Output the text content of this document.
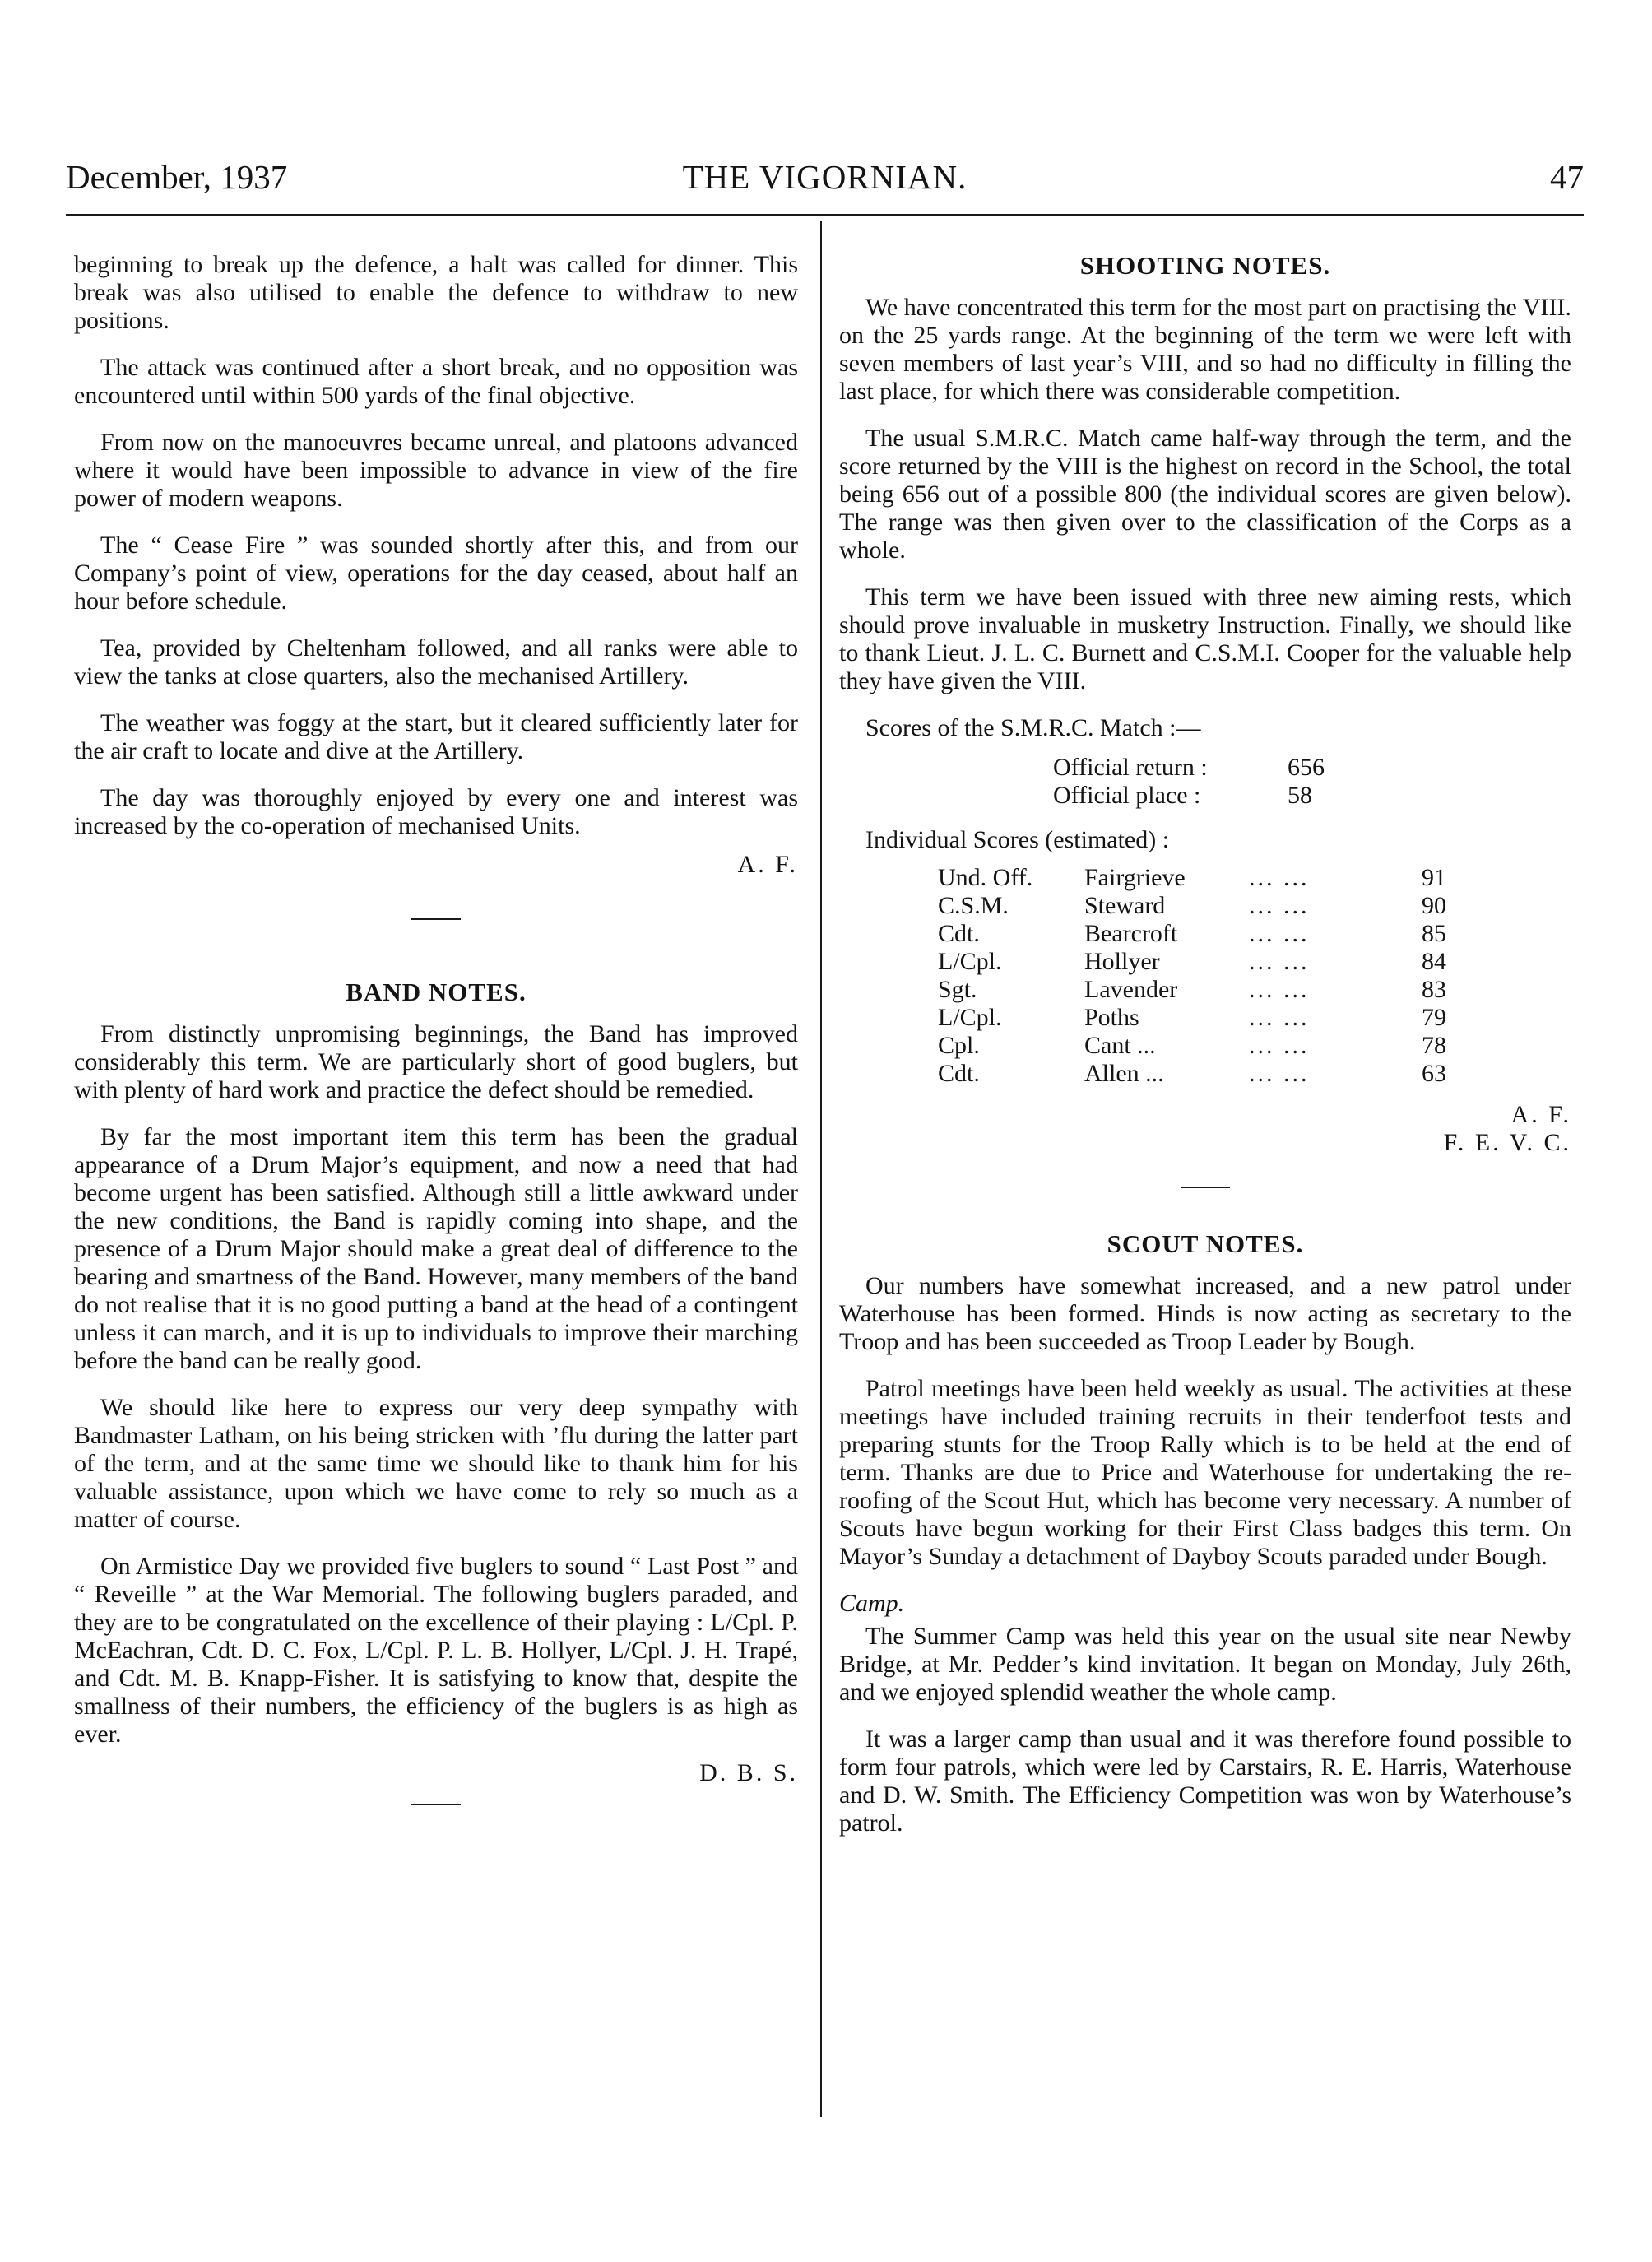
December, 1937	THE VIGORNIAN.	47

beginning to break up the defence, a halt was called for dinner. This break was also utilised to enable the defence to withdraw to new positions.

The attack was continued after a short break, and no opposition was encountered until within 500 yards of the final objective.

From now on the manoeuvres became unreal, and platoons advanced where it would have been impossible to advance in view of the fire power of modern weapons.

The “ Cease Fire ” was sounded shortly after this, and from our Company’s point of view, operations for the day ceased, about half an hour before schedule.

Tea, provided by Cheltenham followed, and all ranks were able to view the tanks at close quarters, also the mechanised Artillery.

The weather was foggy at the start, but it cleared sufficiently later for the air craft to locate and dive at the Artillery.

The day was thoroughly enjoyed by every one and interest was increased by the co-operation of mechanised Units.

A. F.
BAND NOTES.

From distinctly unpromising beginnings, the Band has improved considerably this term. We are particularly short of good buglers, but with plenty of hard work and practice the defect should be remedied.

By far the most important item this term has been the gradual appearance of a Drum Major’s equipment, and now a need that had become urgent has been satisfied. Although still a little awkward under the new conditions, the Band is rapidly coming into shape, and the presence of a Drum Major should make a great deal of difference to the bearing and smartness of the Band. However, many members of the band do not realise that it is no good putting a band at the head of a contingent unless it can march, and it is up to individuals to improve their marching before the band can be really good.

We should like here to express our very deep sympathy with Bandmaster Latham, on his being stricken with ’flu during the latter part of the term, and at the same time we should like to thank him for his valuable assistance, upon which we have come to rely so much as a matter of course.

On Armistice Day we provided five buglers to sound “ Last Post ” and “ Reveille ” at the War Memorial. The following buglers paraded, and they are to be congratulated on the excellence of their playing : L/Cpl. P. McEachran, Cdt. D. C. Fox, L/Cpl. P. L. B. Hollyer, L/Cpl. J. H. Trapé, and Cdt. M. B. Knapp-Fisher. It is satisfying to know that, despite the smallness of their numbers, the efficiency of the buglers is as high as ever.

D. B. S.
SHOOTING NOTES.

We have concentrated this term for the most part on practising the VIII. on the 25 yards range. At the beginning of the term we were left with seven members of last year’s VIII, and so had no difficulty in filling the last place, for which there was considerable competition.

The usual S.M.R.C. Match came half-way through the term, and the score returned by the VIII is the highest on record in the School, the total being 656 out of a possible 800 (the individual scores are given below). The range was then given over to the classification of the Corps as a whole.

This term we have been issued with three new aiming rests, which should prove invaluable in musketry Instruction. Finally, we should like to thank Lieut. J. L. C. Burnett and C.S.M.I. Cooper for the valuable help they have given the VIII.

Scores of the S.M.R.C. Match :—
Official return :	656
Official place :	58
Individual Scores (estimated) :
Und. Off.	Fairgrieve	... ...	91
C.S.M.	Steward	... ...	90
Cdt.	Bearcroft	... ...	85
L/Cpl.	Hollyer	... ...	84
Sgt.	Lavender	... ...	83
L/Cpl.	Poths	... ...	79
Cpl.	Cant ...	... ...	78
Cdt.	Allen ...	... ...	63
A. F.
F. E. V. C.
SCOUT NOTES.

Our numbers have somewhat increased, and a new patrol under Waterhouse has been formed. Hinds is now acting as secretary to the Troop and has been succeeded as Troop Leader by Bough.

Patrol meetings have been held weekly as usual. The activities at these meetings have included training recruits in their tenderfoot tests and preparing stunts for the Troop Rally which is to be held at the end of term. Thanks are due to Price and Waterhouse for undertaking the re-roofing of the Scout Hut, which has become very necessary. A number of Scouts have begun working for their First Class badges this term. On Mayor’s Sunday a detachment of Dayboy Scouts paraded under Bough.

Camp.

The Summer Camp was held this year on the usual site near Newby Bridge, at Mr. Pedder’s kind invitation. It began on Monday, July 26th, and we enjoyed splendid weather the whole camp.

It was a larger camp than usual and it was therefore found possible to form four patrols, which were led by Carstairs, R. E. Harris, Waterhouse and D. W. Smith. The Efficiency Competition was won by Waterhouse’s patrol.
